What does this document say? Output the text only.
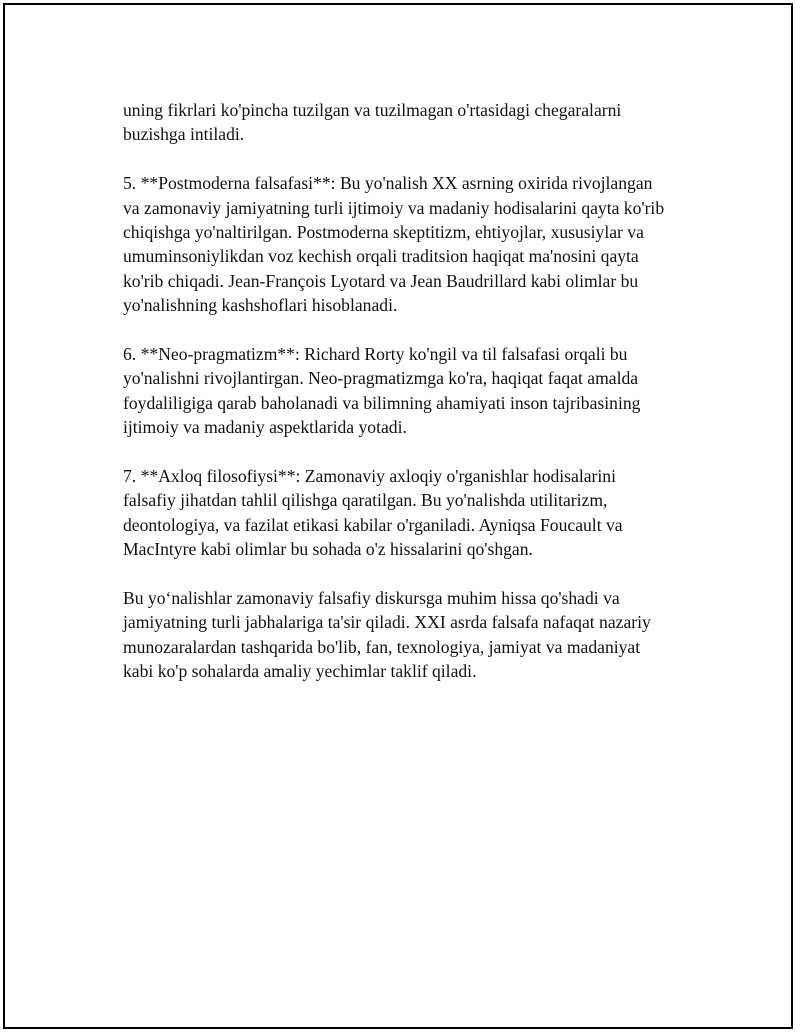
uning fikrlari ko'pincha tuzilgan va tuzilmagan o'rtasidagi chegaralarni
buzishga intiladi.

5. **Postmoderna falsafasi**: Bu yo'nalish XX asrning oxirida rivojlangan
va zamonaviy jamiyatning turli ijtimoiy va madaniy hodisalarini qayta ko'rib
chiqishga yo'naltirilgan. Postmoderna skeptitizm, ehtiyojlar, xususiylar va
umuminsoniylikdan voz kechish orqali traditsion haqiqat ma'nosini qayta
ko'rib chiqadi. Jean-François Lyotard va Jean Baudrillard kabi olimlar bu
yo'nalishning kashshoflari hisoblanadi.

6. **Neo-pragmatizm**: Richard Rorty ko'ngil va til falsafasi orqali bu
yo'nalishni rivojlantirgan. Neo-pragmatizmga ko'ra, haqiqat faqat amalda
foydaliligiga qarab baholanadi va bilimning ahamiyati inson tajribasining
ijtimoiy va madaniy aspektlarida yotadi.

7. **Axloq filosofiysi**: Zamonaviy axloqiy o'rganishlar hodisalarini
falsafiy jihatdan tahlil qilishga qaratilgan. Bu yo'nalishda utilitarizm,
deontologiya, va fazilat etikasi kabilar o'rganiladi. Ayniqsa Foucault va
MacIntyre kabi olimlar bu sohada o'z hissalarini qo'shgan.

Bu yo‘nalishlar zamonaviy falsafiy diskursga muhim hissa qo'shadi va
jamiyatning turli jabhalariga ta'sir qiladi. XXI asrda falsafa nafaqat nazariy
munozaralardan tashqarida bo'lib, fan, texnologiya, jamiyat va madaniyat
kabi ko'p sohalarda amaliy yechimlar taklif qiladi.
